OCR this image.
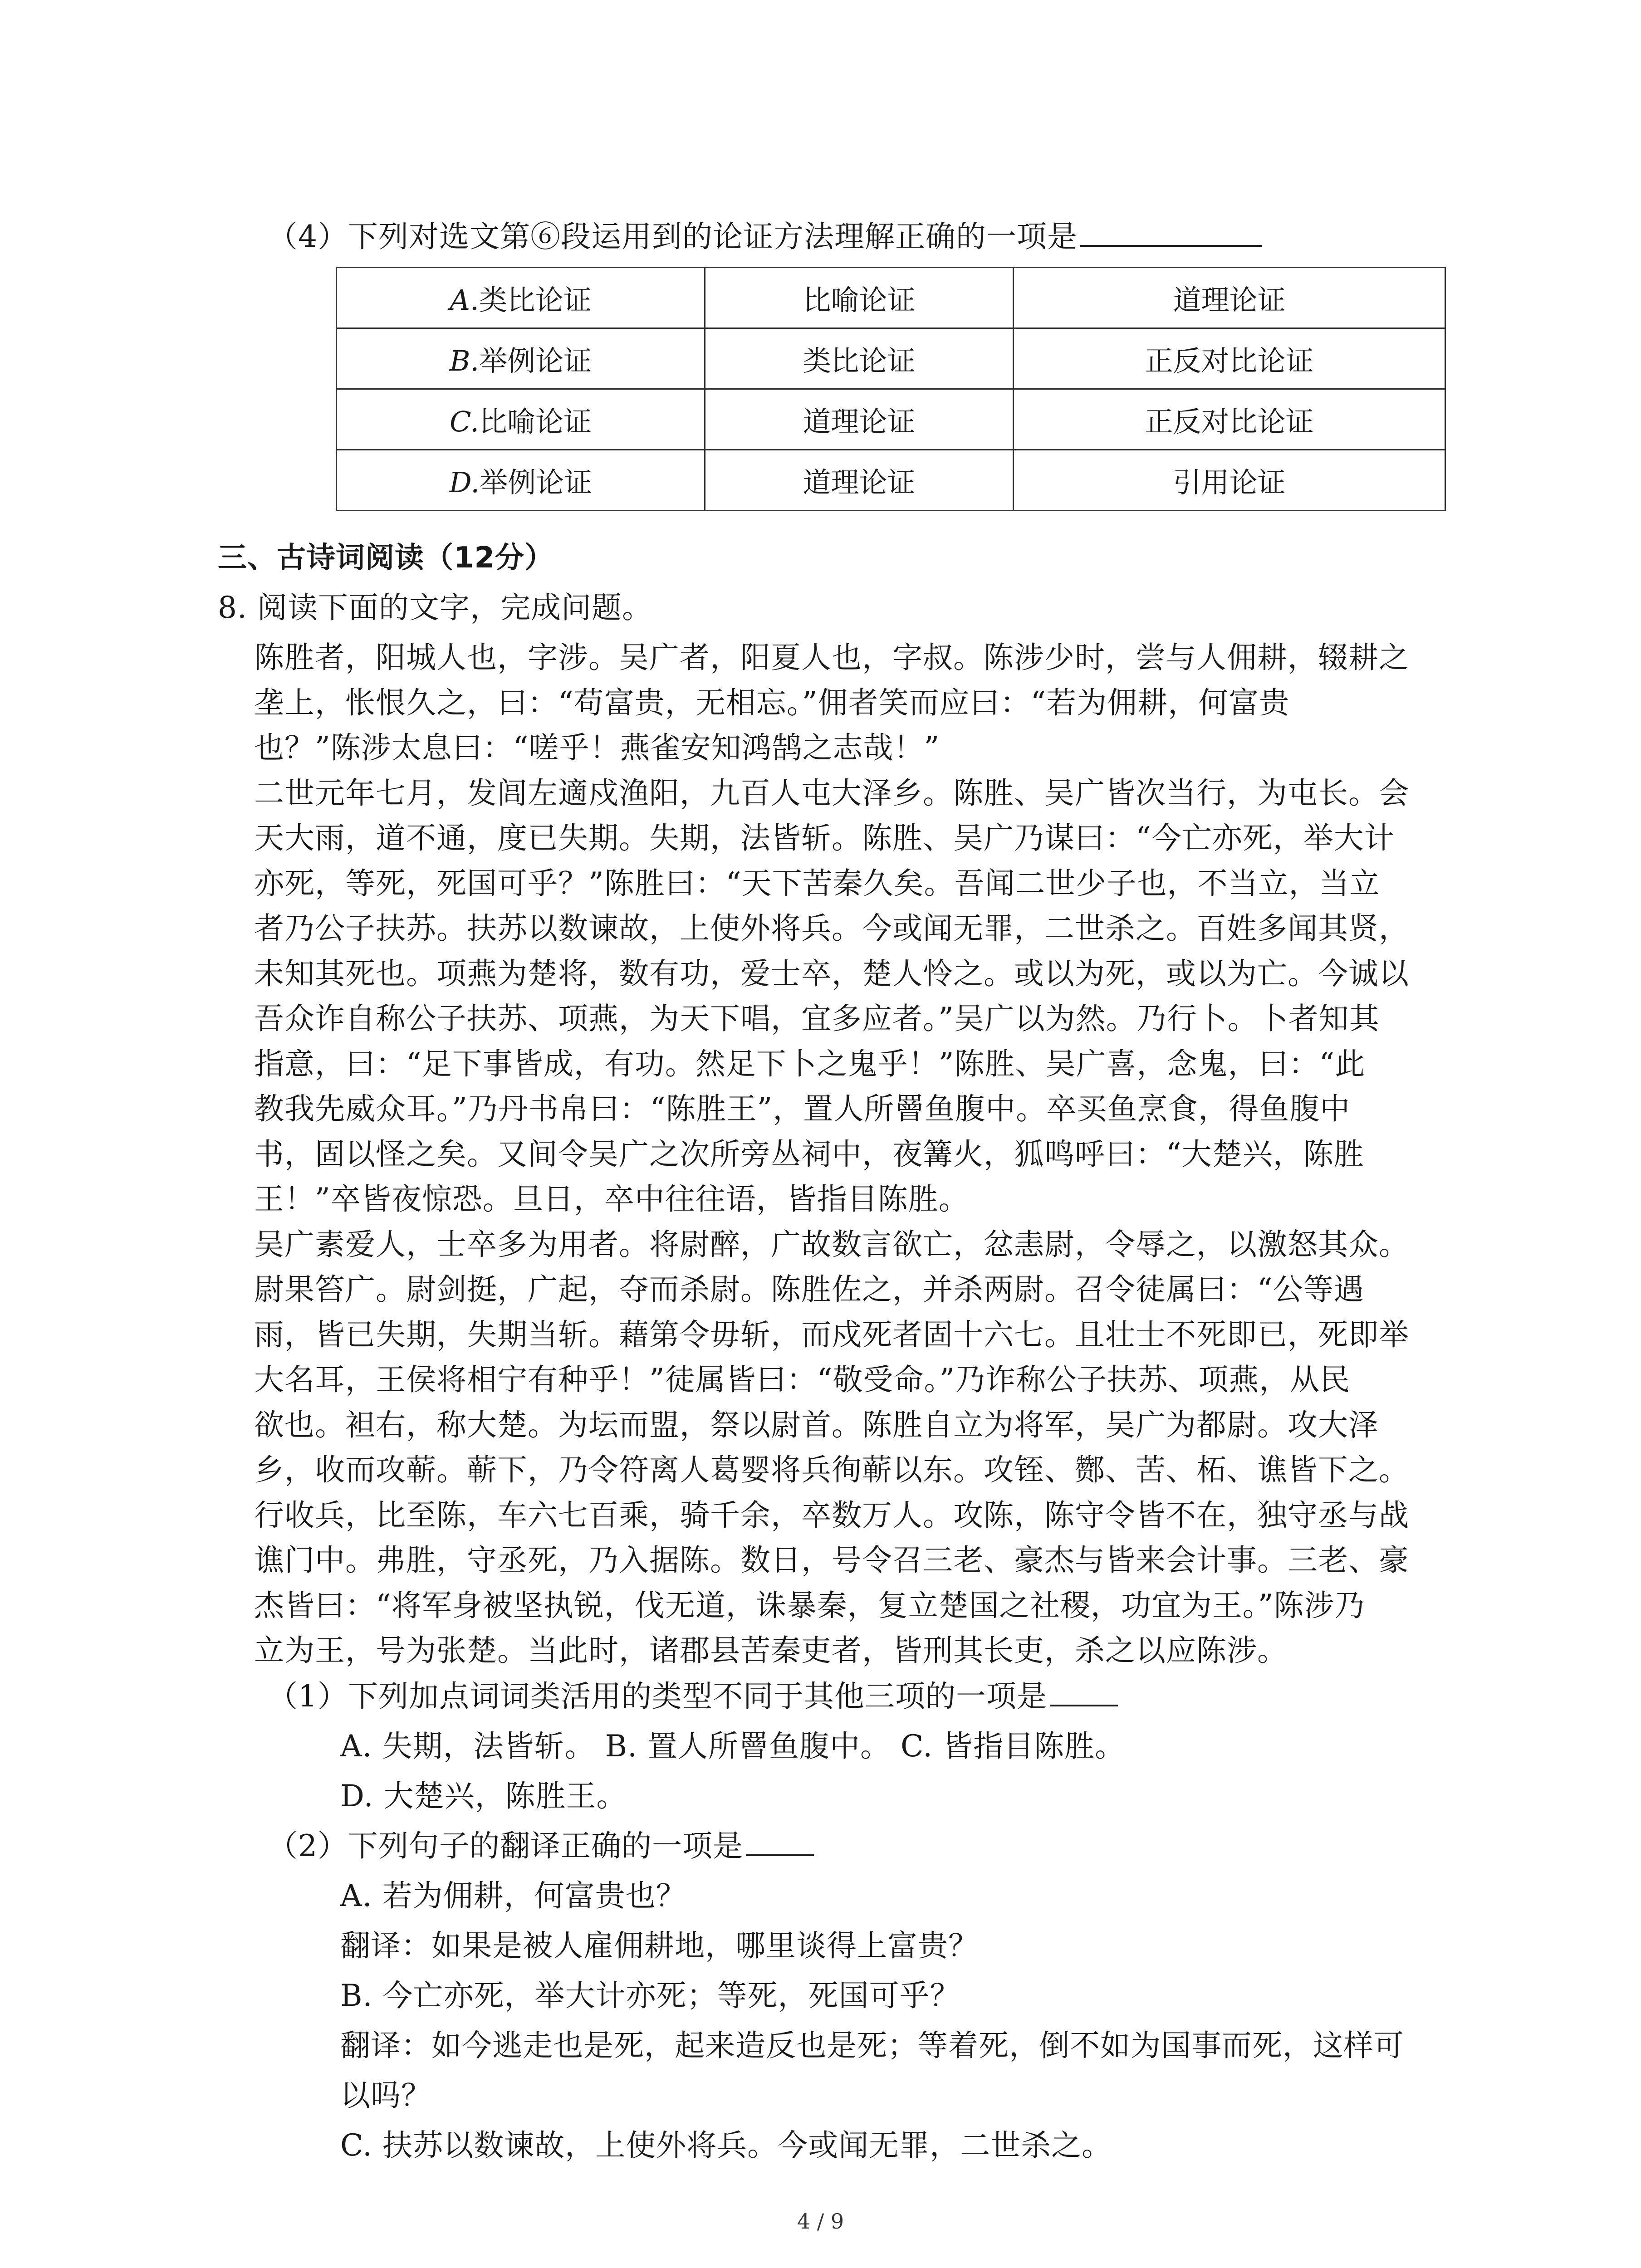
（4）下列对选文第⑥段运用到的论证方法理解正确的一项是
A.类比论证	比喻论证	道理论证
B.举例论证	类比论证	正反对比论证
C.比喻论证	道理论证	正反对比论证
D.举例论证	道理论证	引用论证
三、古诗词阅读（12分）
8. 阅读下面的文字，完成问题。
陈胜者，阳城人也，字涉。吴广者，阳夏人也，字叔。陈涉少时，尝与人佣耕，辍耕之
垄上，怅恨久之，曰：“苟富贵，无相忘。”佣者笑而应曰：“若为佣耕，何富贵
也？”陈涉太息曰：“嗟乎！燕雀安知鸿鹄之志哉！”
二世元年七月，发闾左適戍渔阳，九百人屯大泽乡。陈胜、吴广皆次当行，为屯长。会
天大雨，道不通，度已失期。失期，法皆斩。陈胜、吴广乃谋曰：“今亡亦死，举大计
亦死，等死，死国可乎？”陈胜曰：“天下苦秦久矣。吾闻二世少子也，不当立，当立
者乃公子扶苏。扶苏以数谏故，上使外将兵。今或闻无罪，二世杀之。百姓多闻其贤，
未知其死也。项燕为楚将，数有功，爱士卒，楚人怜之。或以为死，或以为亡。今诚以
吾众诈自称公子扶苏、项燕，为天下唱，宜多应者。”吴广以为然。乃行卜。卜者知其
指意，曰：“足下事皆成，有功。然足下卜之鬼乎！”陈胜、吴广喜，念鬼，曰：“此
教我先威众耳。”乃丹书帛曰：“陈胜王”，置人所罾鱼腹中。卒买鱼烹食，得鱼腹中
书，固以怪之矣。又间令吴广之次所旁丛祠中，夜篝火，狐鸣呼曰：“大楚兴，陈胜
王！”卒皆夜惊恐。旦日，卒中往往语，皆指目陈胜。
吴广素爱人，士卒多为用者。将尉醉，广故数言欲亡，忿恚尉，令辱之，以激怒其众。
尉果笞广。尉剑挺，广起，夺而杀尉。陈胜佐之，并杀两尉。召令徒属曰：“公等遇
雨，皆已失期，失期当斩。藉第令毋斩，而戍死者固十六七。且壮士不死即已，死即举
大名耳，王侯将相宁有种乎！”徒属皆曰：“敬受命。”乃诈称公子扶苏、项燕，从民
欲也。袒右，称大楚。为坛而盟，祭以尉首。陈胜自立为将军，吴广为都尉。攻大泽
乡，收而攻蕲。蕲下，乃令符离人葛婴将兵徇蕲以东。攻铚、酂、苦、柘、谯皆下之。
行收兵，比至陈，车六七百乘，骑千余，卒数万人。攻陈，陈守令皆不在，独守丞与战
谯门中。弗胜，守丞死，乃入据陈。数日，号令召三老、豪杰与皆来会计事。三老、豪
杰皆曰：“将军身被坚执锐，伐无道，诛暴秦，复立楚国之社稷，功宜为王。”陈涉乃
立为王，号为张楚。当此时，诸郡县苦秦吏者，皆刑其长吏，杀之以应陈涉。
（1）下列加点词词类活用的类型不同于其他三项的一项是
A. 失期，法皆斩。 B. 置人所罾鱼腹中。 C. 皆指目陈胜。
D. 大楚兴，陈胜王。
（2）下列句子的翻译正确的一项是
A. 若为佣耕，何富贵也？
翻译：如果是被人雇佣耕地，哪里谈得上富贵？
B. 今亡亦死，举大计亦死；等死，死国可乎？
翻译：如今逃走也是死，起来造反也是死；等着死，倒不如为国事而死，这样可
以吗？
C. 扶苏以数谏故，上使外将兵。今或闻无罪，二世杀之。
4 / 9
